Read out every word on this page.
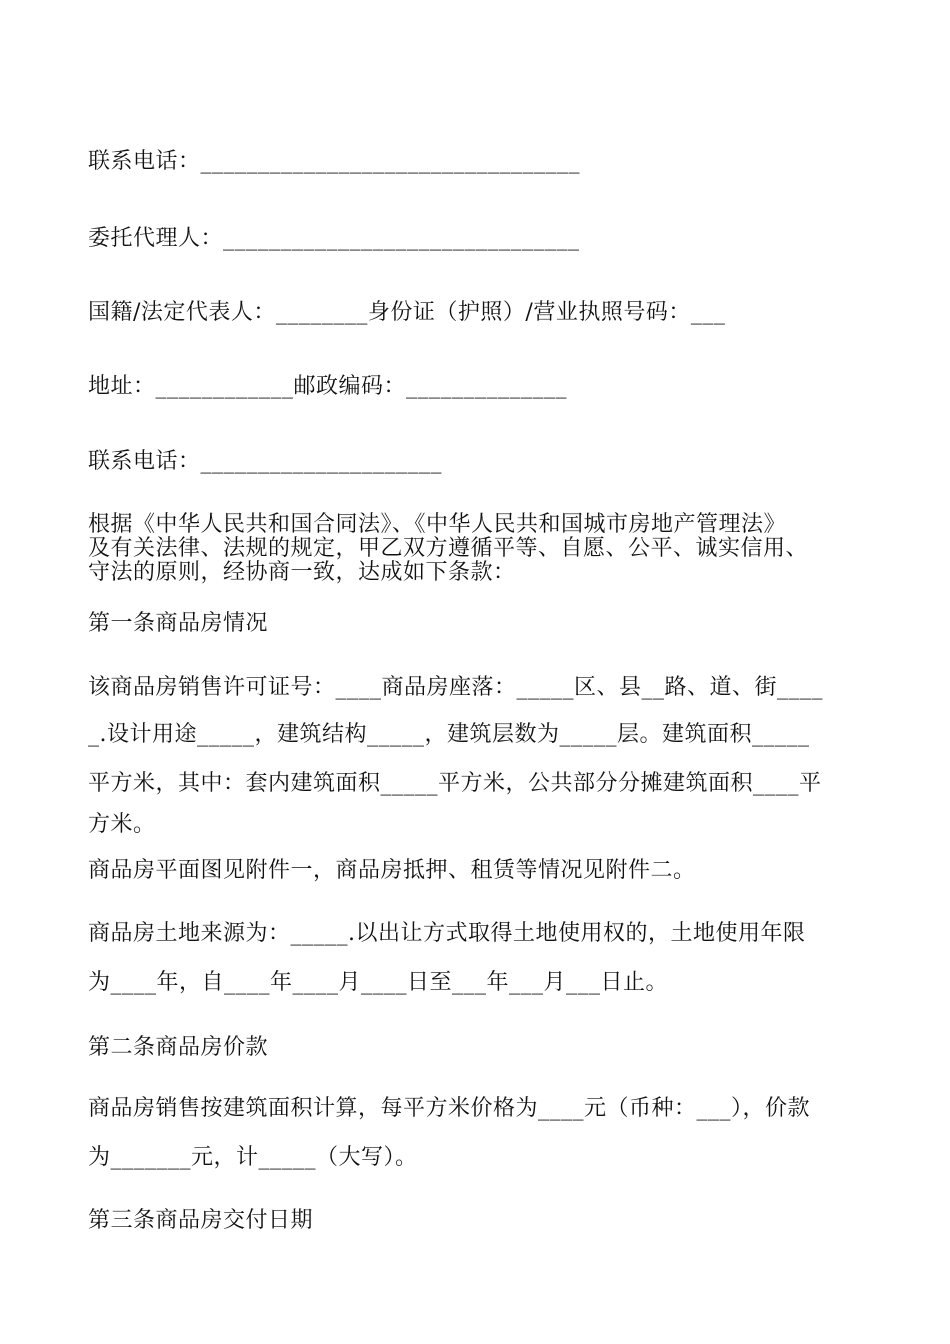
联系电话：_________________________________
委托代理人：_______________________________
国籍/法定代表人：________身份证（护照）/营业执照号码：___
地址：____________邮政编码：______________
联系电话：_____________________
根据《中华人民共和国合同法》、《中华人民共和国城市房地产管理法》
及有关法律、法规的规定，甲乙双方遵循平等、自愿、公平、诚实信用、
守法的原则，经协商一致，达成如下条款：
第一条商品房情况
该商品房销售许可证号：____商品房座落：_____区、县__路、道、街____
_.设计用途_____，建筑结构_____，建筑层数为_____层。建筑面积_____
平方米，其中：套内建筑面积_____平方米，公共部分分摊建筑面积____平
方米。
商品房平面图见附件一，商品房抵押、租赁等情况见附件二。
商品房土地来源为：_____.以出让方式取得土地使用权的，土地使用年限
为____年，自____年____月____日至___年___月___日止。
第二条商品房价款
商品房销售按建筑面积计算，每平方米价格为____元（币种：___），价款
为_______元，计_____（大写）。
第三条商品房交付日期
